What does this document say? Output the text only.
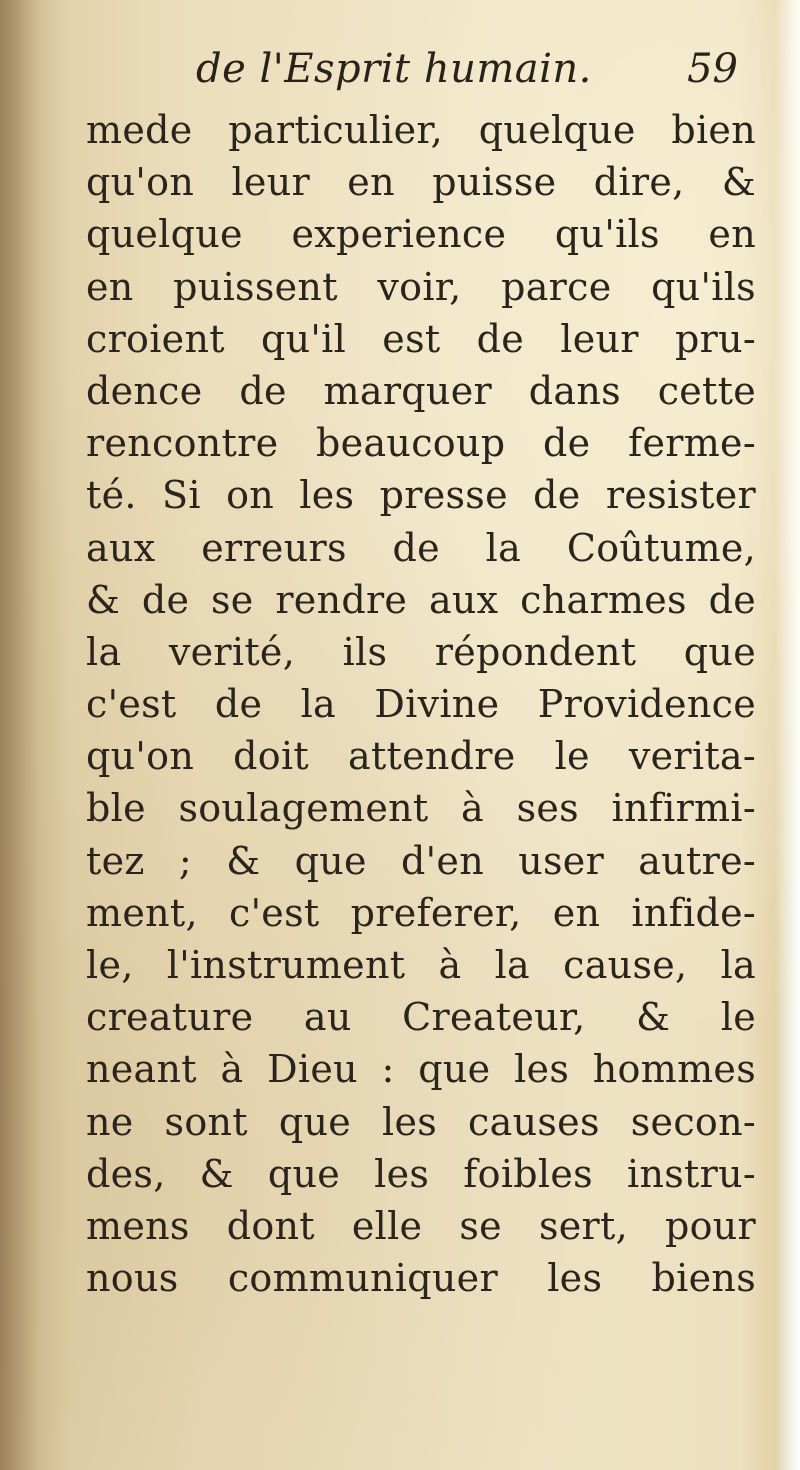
de l'Esprit humain. 59
mede particulier, quelque bien
qu'on leur en puisse dire, &
quelque experience qu'ils en
en puissent voir, parce qu'ils
croient qu'il est de leur pru-
dence de marquer dans cette
rencontre beaucoup de ferme-
té. Si on les presse de resister
aux erreurs de la Coûtume,
& de se rendre aux charmes de
la verité, ils répondent que
c'est de la Divine Providence
qu'on doit attendre le verita-
ble soulagement à ses infirmi-
tez ; & que d'en user autre-
ment, c'est preferer, en infide-
le, l'instrument à la cause, la
creature au Createur, & le
neant à Dieu : que les hommes
ne sont que les causes secon-
des, & que les foibles instru-
mens dont elle se sert, pour
nous communiquer les biens
